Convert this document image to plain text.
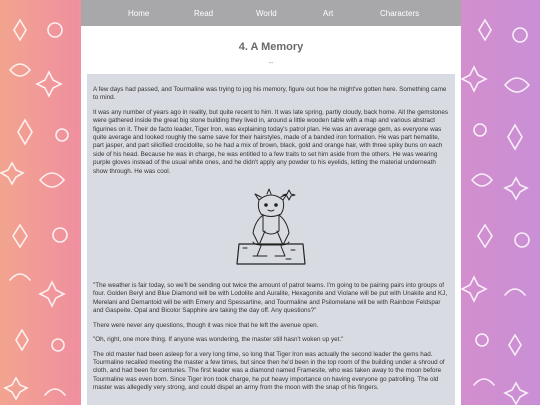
Home	Read	World	Art	Characters
4. A Memory
--

A few days had passed, and Tourmaline was trying to jog his memory, figure out how he might've gotten here. Something came to mind.

It was any number of years ago in reality, but quite recent to him. It was late spring, partly cloudy, back home. All the gemstones were gathered inside the great big stone building they lived in, around a little wooden table with a map and various abstract figurines on it. Their de facto leader, Tiger Iron, was explaining today's patrol plan. He was an average gem, as everyone was quite average and looked roughly the same save for their hairstyles, made of a banded iron formation. He was part hematite, part jasper, and part silicified crocidolite, so he had a mix of brown, black, gold and orange hair, with three spiky buns on each side of his head. Because he was in charge, he was entitled to a few traits to set him aside from the others. He was wearing purple gloves instead of the usual white ones, and he didn't apply any powder to his eyelids, letting the material underneath show through. He was cool.

"The weather is fair today, so we'll be sending out twice the amount of patrol teams. I'm going to be pairing pairs into groups of four. Golden Beryl and Blue Diamond will be with Lodolite and Auralite, Hexagonite and Violane will be put with Unakite and KJ, Merelani and Demantoid will be with Emery and Spessartine, and Tourmaline and Psilomelane will be with Rainbow Feldspar and Gaspeite. Opal and Bicolor Sapphire are taking the day off. Any questions?"

There were never any questions, though it was nice that he left the avenue open.

"Oh, right, one more thing. If anyone was wondering, the master still hasn't woken up yet."

The old master had been asleep for a very long time, so long that Tiger Iron was actually the second leader the gems had. Tourmaline recalled meeting the master a few times, but since then he'd been in the top room of the building under a shroud of cloth, and had been for centuries. The first leader was a diamond named Framesite, who was taken away to the moon before Tourmaline was even born. Since Tiger Iron took charge, he put heavy importance on having everyone go patrolling. The old master was allegedly very strong, and could dispel an army from the moon with the snap of his fingers.
